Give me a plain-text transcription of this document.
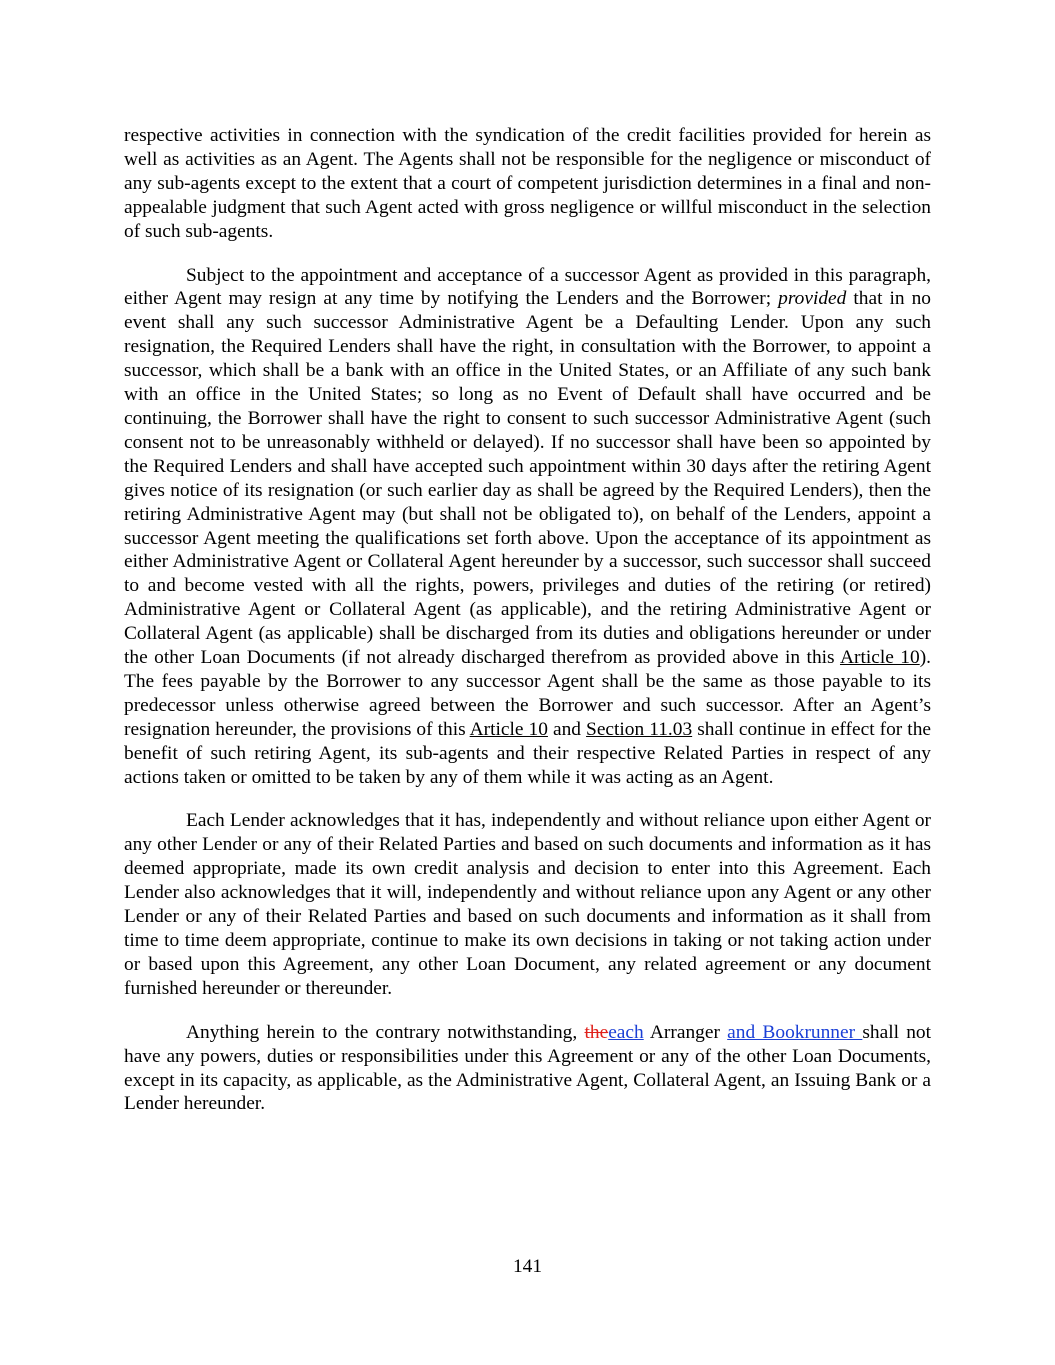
respective activities in connection with the syndication of the credit facilities provided for herein as well as activities as an Agent. The Agents shall not be responsible for the negligence or misconduct of any sub-agents except to the extent that a court of competent jurisdiction determines in a final and non-appealable judgment that such Agent acted with gross negligence or willful misconduct in the selection of such sub-agents.

Subject to the appointment and acceptance of a successor Agent as provided in this paragraph, either Agent may resign at any time by notifying the Lenders and the Borrower; provided that in no event shall any such successor Administrative Agent be a Defaulting Lender. Upon any such resignation, the Required Lenders shall have the right, in consultation with the Borrower, to appoint a successor, which shall be a bank with an office in the United States, or an Affiliate of any such bank with an office in the United States; so long as no Event of Default shall have occurred and be continuing, the Borrower shall have the right to consent to such successor Administrative Agent (such consent not to be unreasonably withheld or delayed). If no successor shall have been so appointed by the Required Lenders and shall have accepted such appointment within 30 days after the retiring Agent gives notice of its resignation (or such earlier day as shall be agreed by the Required Lenders), then the retiring Administrative Agent may (but shall not be obligated to), on behalf of the Lenders, appoint a successor Agent meeting the qualifications set forth above. Upon the acceptance of its appointment as either Administrative Agent or Collateral Agent hereunder by a successor, such successor shall succeed to and become vested with all the rights, powers, privileges and duties of the retiring (or retired) Administrative Agent or Collateral Agent (as applicable), and the retiring Administrative Agent or Collateral Agent (as applicable) shall be discharged from its duties and obligations hereunder or under the other Loan Documents (if not already discharged therefrom as provided above in this Article 10). The fees payable by the Borrower to any successor Agent shall be the same as those payable to its predecessor unless otherwise agreed between the Borrower and such successor. After an Agent’s resignation hereunder, the provisions of this Article 10 and Section 11.03 shall continue in effect for the benefit of such retiring Agent, its sub-agents and their respective Related Parties in respect of any actions taken or omitted to be taken by any of them while it was acting as an Agent.

Each Lender acknowledges that it has, independently and without reliance upon either Agent or any other Lender or any of their Related Parties and based on such documents and information as it has deemed appropriate, made its own credit analysis and decision to enter into this Agreement. Each Lender also acknowledges that it will, independently and without reliance upon any Agent or any other Lender or any of their Related Parties and based on such documents and information as it shall from time to time deem appropriate, continue to make its own decisions in taking or not taking action under or based upon this Agreement, any other Loan Document, any related agreement or any document furnished hereunder or thereunder.

Anything herein to the contrary notwithstanding, theeach Arranger and Bookrunner shall not have any powers, duties or responsibilities under this Agreement or any of the other Loan Documents, except in its capacity, as applicable, as the Administrative Agent, Collateral Agent, an Issuing Bank or a Lender hereunder.

141
